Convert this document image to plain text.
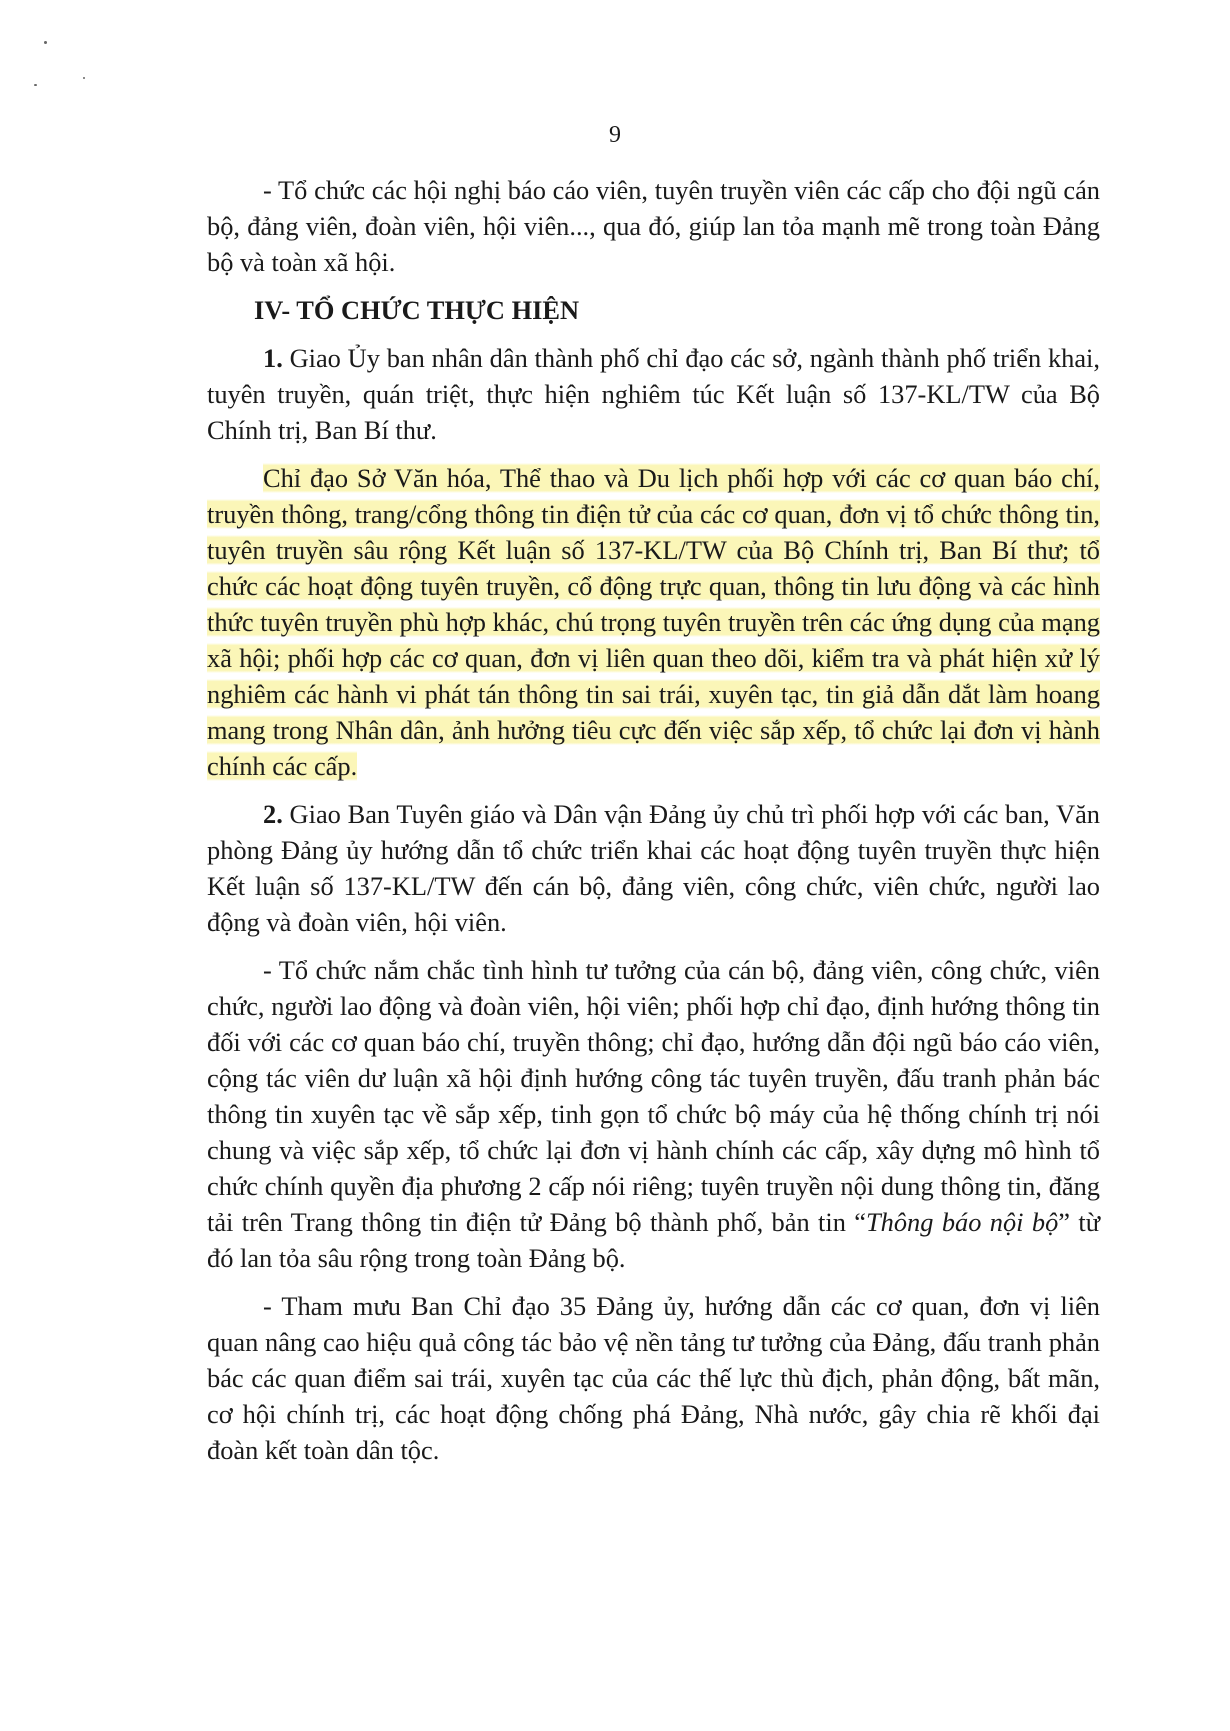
9

- Tổ chức các hội nghị báo cáo viên, tuyên truyền viên các cấp cho đội ngũ cán bộ, đảng viên, đoàn viên, hội viên..., qua đó, giúp lan tỏa mạnh mẽ trong toàn Đảng bộ và toàn xã hội.

IV- TỔ CHỨC THỰC HIỆN

1. Giao Ủy ban nhân dân thành phố chỉ đạo các sở, ngành thành phố triển khai, tuyên truyền, quán triệt, thực hiện nghiêm túc Kết luận số 137-KL/TW của Bộ Chính trị, Ban Bí thư.

Chỉ đạo Sở Văn hóa, Thể thao và Du lịch phối hợp với các cơ quan báo chí, truyền thông, trang/cổng thông tin điện tử của các cơ quan, đơn vị tổ chức thông tin, tuyên truyền sâu rộng Kết luận số 137-KL/TW của Bộ Chính trị, Ban Bí thư; tổ chức các hoạt động tuyên truyền, cổ động trực quan, thông tin lưu động và các hình thức tuyên truyền phù hợp khác, chú trọng tuyên truyền trên các ứng dụng của mạng xã hội; phối hợp các cơ quan, đơn vị liên quan theo dõi, kiểm tra và phát hiện xử lý nghiêm các hành vi phát tán thông tin sai trái, xuyên tạc, tin giả dẫn dắt làm hoang mang trong Nhân dân, ảnh hưởng tiêu cực đến việc sắp xếp, tổ chức lại đơn vị hành chính các cấp.

2. Giao Ban Tuyên giáo và Dân vận Đảng ủy chủ trì phối hợp với các ban, Văn phòng Đảng ủy hướng dẫn tổ chức triển khai các hoạt động tuyên truyền thực hiện Kết luận số 137-KL/TW đến cán bộ, đảng viên, công chức, viên chức, người lao động và đoàn viên, hội viên.

- Tổ chức nắm chắc tình hình tư tưởng của cán bộ, đảng viên, công chức, viên chức, người lao động và đoàn viên, hội viên; phối hợp chỉ đạo, định hướng thông tin đối với các cơ quan báo chí, truyền thông; chỉ đạo, hướng dẫn đội ngũ báo cáo viên, cộng tác viên dư luận xã hội định hướng công tác tuyên truyền, đấu tranh phản bác thông tin xuyên tạc về sắp xếp, tinh gọn tổ chức bộ máy của hệ thống chính trị nói chung và việc sắp xếp, tổ chức lại đơn vị hành chính các cấp, xây dựng mô hình tổ chức chính quyền địa phương 2 cấp nói riêng; tuyên truyền nội dung thông tin, đăng tải trên Trang thông tin điện tử Đảng bộ thành phố, bản tin “Thông báo nội bộ” từ đó lan tỏa sâu rộng trong toàn Đảng bộ.

- Tham mưu Ban Chỉ đạo 35 Đảng ủy, hướng dẫn các cơ quan, đơn vị liên quan nâng cao hiệu quả công tác bảo vệ nền tảng tư tưởng của Đảng, đấu tranh phản bác các quan điểm sai trái, xuyên tạc của các thế lực thù địch, phản động, bất mãn, cơ hội chính trị, các hoạt động chống phá Đảng, Nhà nước, gây chia rẽ khối đại đoàn kết toàn dân tộc.
